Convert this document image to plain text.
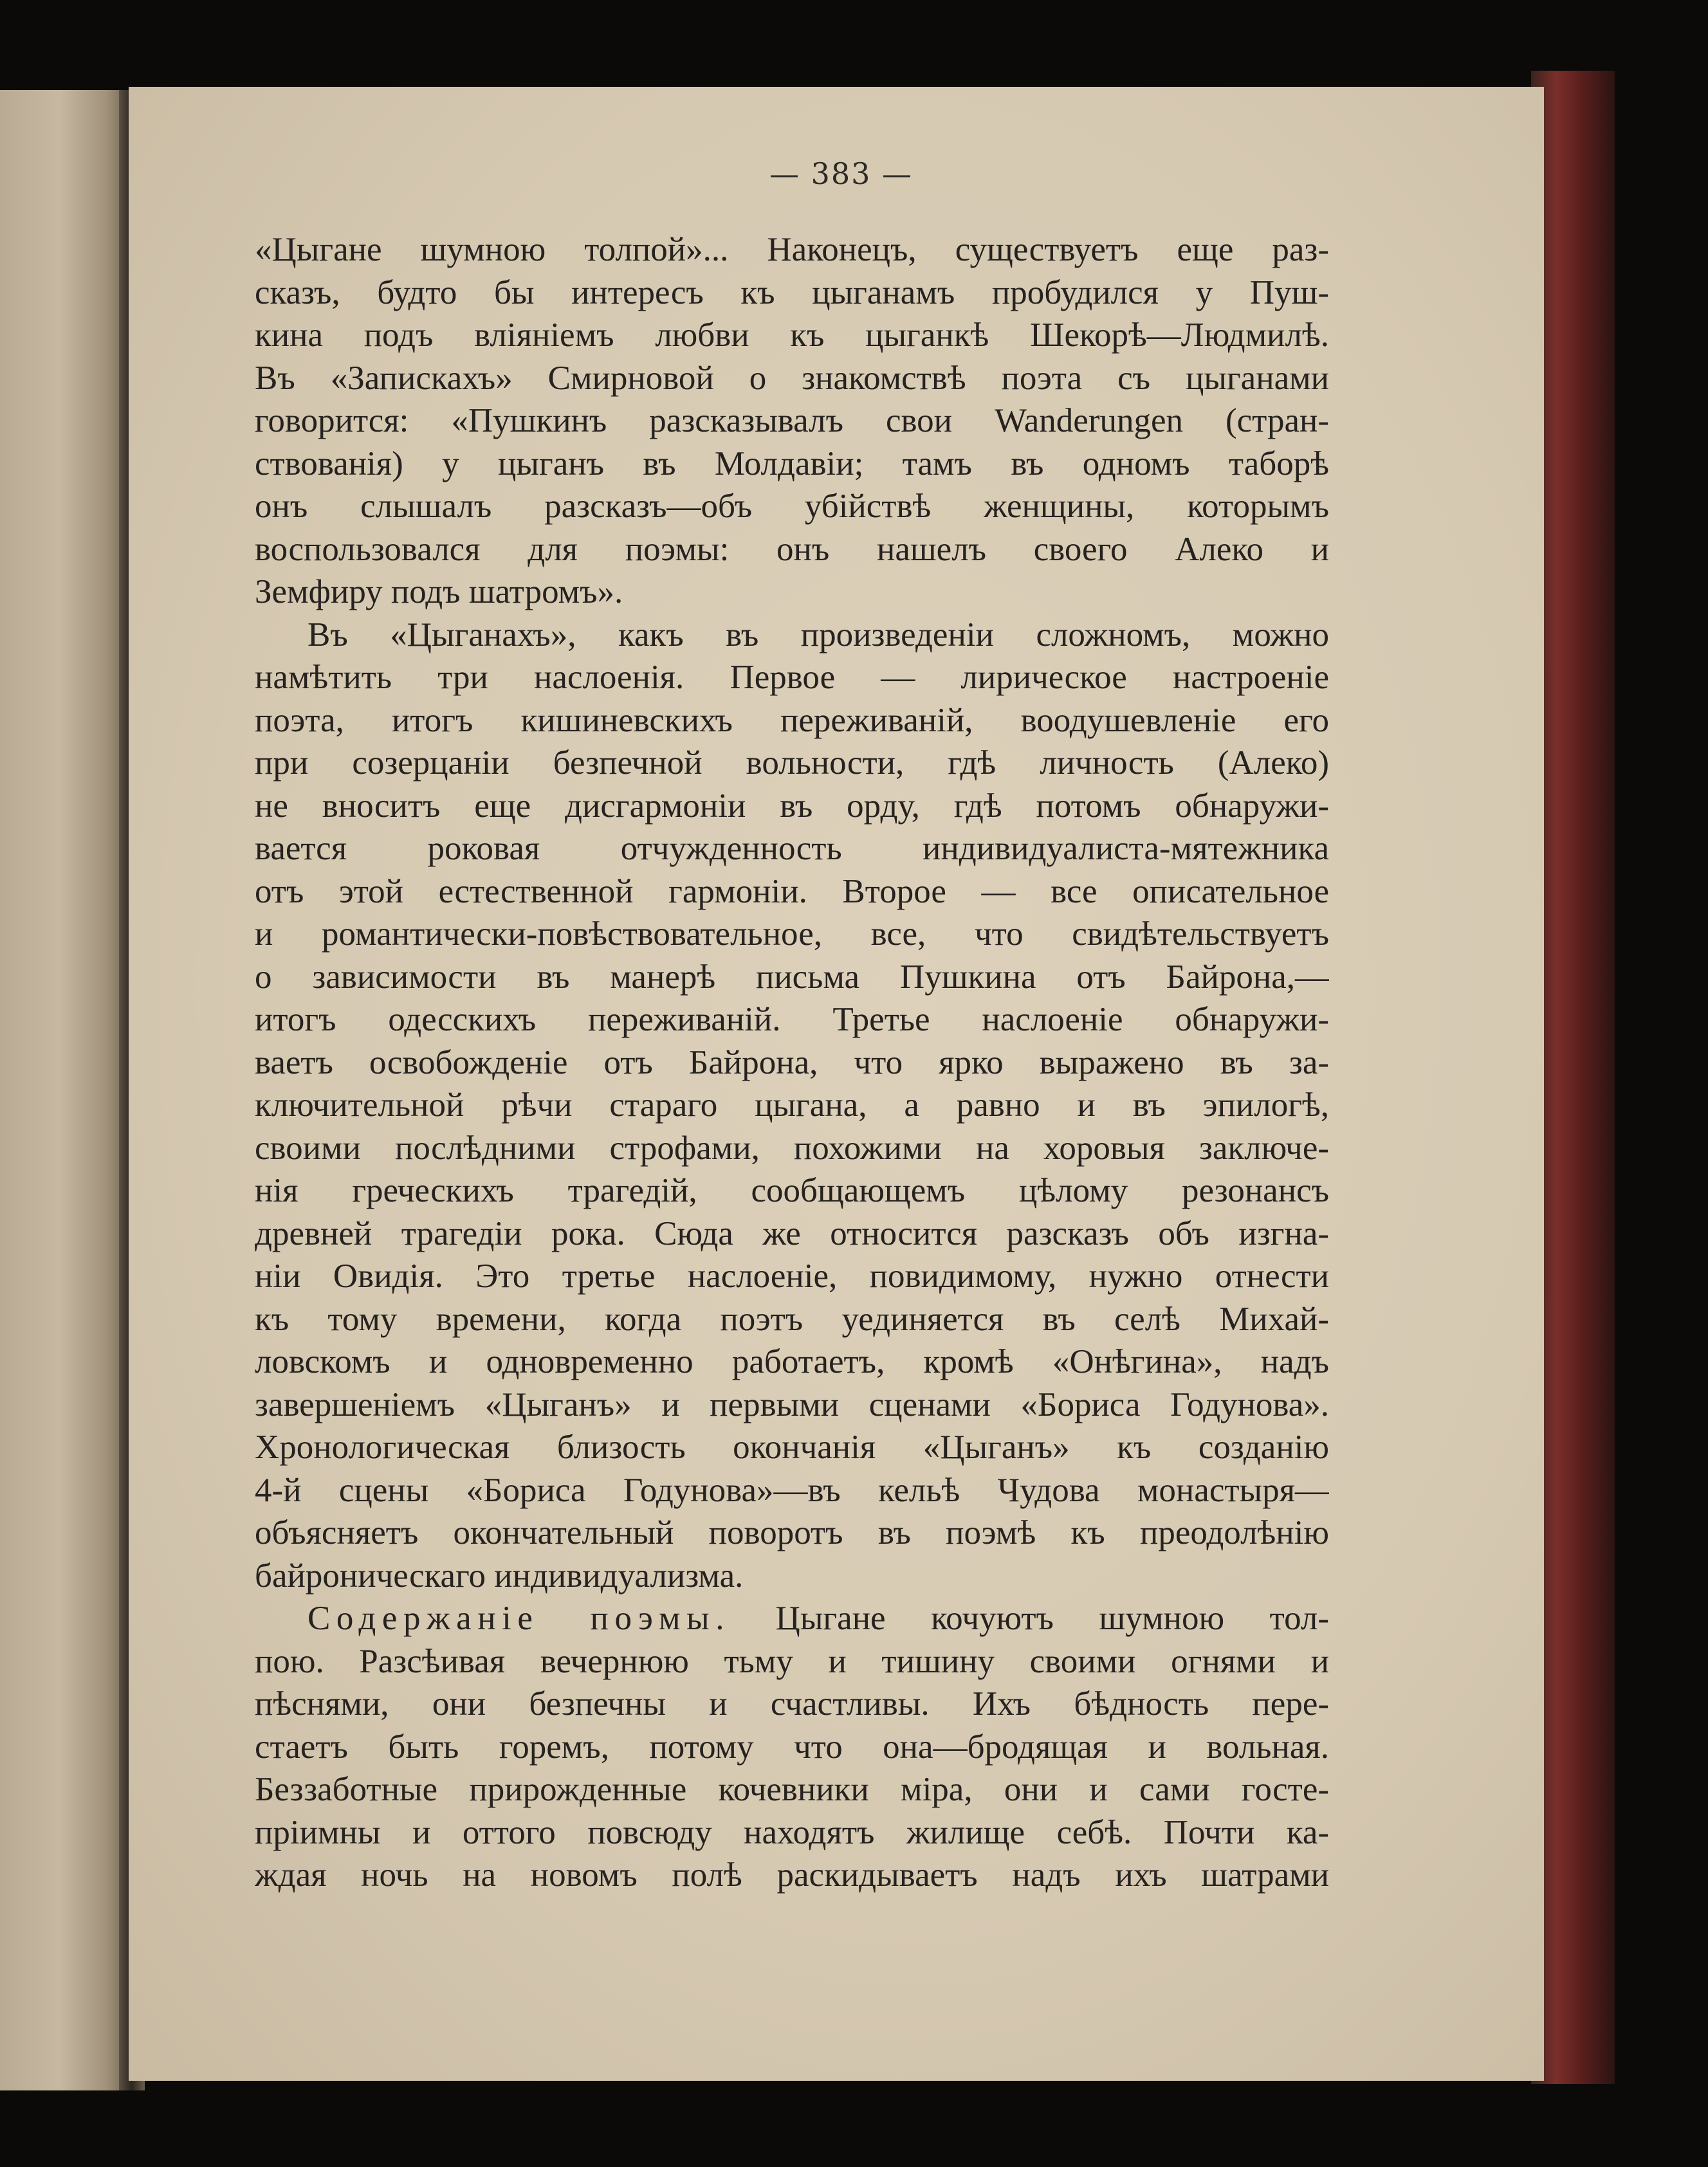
— 383 —
«Цыгане шумною толпой»... Наконецъ, существуетъ еще раз-
сказъ, будто бы интересъ къ цыганамъ пробудился у Пуш-
кина подъ вліяніемъ любви къ цыганкѣ Шекорѣ—Людмилѣ.
Въ «Запискахъ» Смирновой о знакомствѣ поэта съ цыганами
говорится: «Пушкинъ разсказывалъ свои Wanderungen (стран-
ствованія) у цыганъ въ Молдавіи; тамъ въ одномъ таборѣ
онъ слышалъ разсказъ—объ убійствѣ женщины, которымъ
воспользовался для поэмы: онъ нашелъ своего Алеко и
Земфиру подъ шатромъ».
Въ «Цыганахъ», какъ въ произведеніи сложномъ, можно
намѣтить три наслоенія. Первое — лирическое настроеніе
поэта, итогъ кишиневскихъ переживаній, воодушевленіе его
при созерцаніи безпечной вольности, гдѣ личность (Алеко)
не вноситъ еще дисгармоніи въ орду, гдѣ потомъ обнаружи-
вается роковая отчужденность индивидуалиста-мятежника
отъ этой естественной гармоніи. Второе — все описательное
и романтически-повѣствовательное, все, что свидѣтельствуетъ
о зависимости въ манерѣ письма Пушкина отъ Байрона,—
итогъ одесскихъ переживаній. Третье наслоеніе обнаружи-
ваетъ освобожденіе отъ Байрона, что ярко выражено въ за-
ключительной рѣчи стараго цыгана, а равно и въ эпилогѣ,
своими послѣдними строфами, похожими на хоровыя заключе-
нія греческихъ трагедій, сообщающемъ цѣлому резонансъ
древней трагедіи рока. Сюда же относится разсказъ объ изгна-
ніи Овидія. Это третье наслоеніе, повидимому, нужно отнести
къ тому времени, когда поэтъ уединяется въ селѣ Михай-
ловскомъ и одновременно работаетъ, кромѣ «Онѣгина», надъ
завершеніемъ «Цыганъ» и первыми сценами «Бориса Годунова».
Хронологическая близость окончанія «Цыганъ» къ созданію
4-й сцены «Бориса Годунова»—въ кельѣ Чудова монастыря—
объясняетъ окончательный поворотъ въ поэмѣ къ преодолѣнію
байроническаго индивидуализма.
Содержаніе поэмы. Цыгане кочуютъ шумною тол-
пою. Разсѣивая вечернюю тьму и тишину своими огнями и
пѣснями, они безпечны и счастливы. Ихъ бѣдность пере-
стаетъ быть горемъ, потому что она—бродящая и вольная.
Беззаботные прирожденные кочевники міра, они и сами госте-
пріимны и оттого повсюду находятъ жилище себѣ. Почти ка-
ждая ночь на новомъ полѣ раскидываетъ надъ ихъ шатрами
